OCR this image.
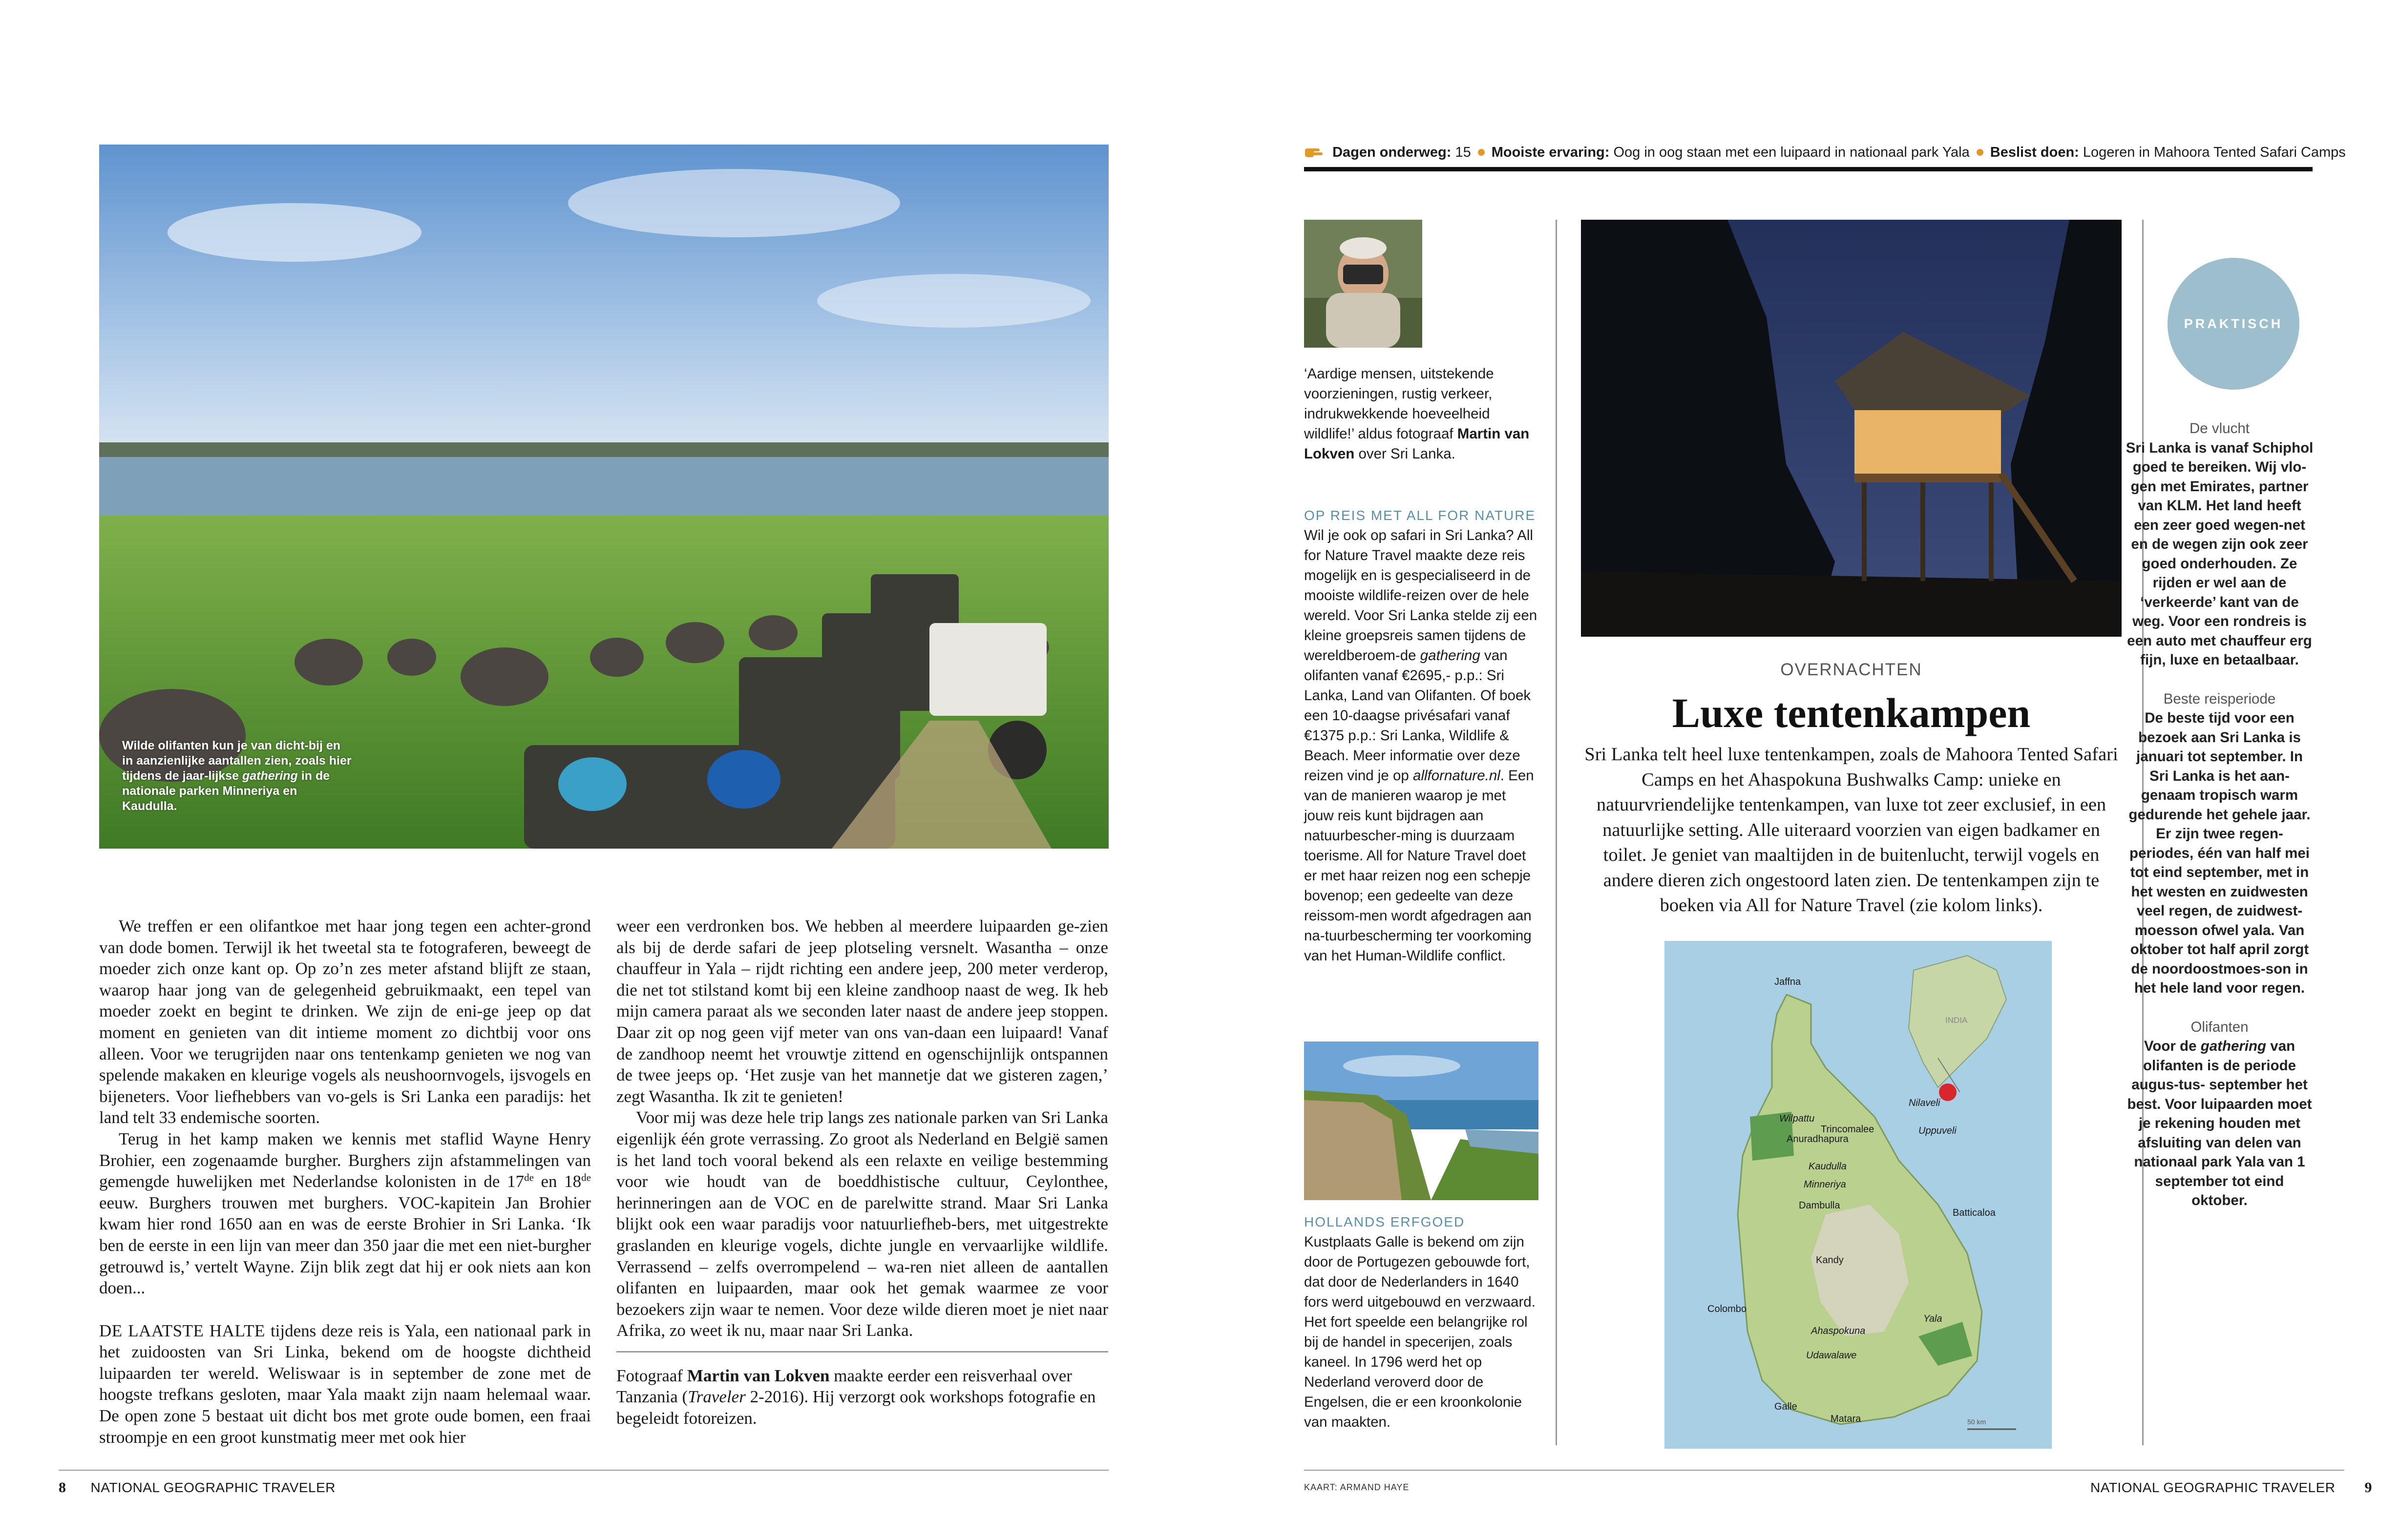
Wilde olifanten kun je van dicht-bij en in aanzienlijke aantallen zien, zoals hier tijdens de jaar-lijkse gathering in de nationale parken Minneriya en Kaudulla.

We treffen er een olifantkoe met haar jong tegen een achter-grond van dode bomen. Terwijl ik het tweetal sta te fotograferen, beweegt de moeder zich onze kant op. Op zo’n zes meter afstand blijft ze staan, waarop haar jong van de gelegenheid gebruikmaakt, een tepel van moeder zoekt en begint te drinken. We zijn de eni-ge jeep op dat moment en genieten van dit intieme moment zo dichtbij voor ons alleen. Voor we terugrijden naar ons tentenkamp genieten we nog van spelende makaken en kleurige vogels als neushoornvogels, ijsvogels en bijeneters. Voor liefhebbers van vo-gels is Sri Lanka een paradijs: het land telt 33 endemische soorten.

Terug in het kamp maken we kennis met staflid Wayne Henry Brohier, een zogenaamde burgher. Burghers zijn afstammelingen van gemengde huwelijken met Nederlandse kolonisten in de 17de en 18de eeuw. Burghers trouwen met burghers. VOC-kapitein Jan Brohier kwam hier rond 1650 aan en was de eerste Brohier in Sri Lanka. ‘Ik ben de eerste in een lijn van meer dan 350 jaar die met een niet-burgher getrouwd is,’ vertelt Wayne. Zijn blik zegt dat hij er ook niets aan kon doen...

DE LAATSTE HALTE tijdens deze reis is Yala, een nationaal park in het zuidoosten van Sri Linka, bekend om de hoogste dichtheid luipaarden ter wereld. Weliswaar is in september de zone met de hoogste trefkans gesloten, maar Yala maakt zijn naam helemaal waar. De open zone 5 bestaat uit dicht bos met grote oude bomen, een fraai stroompje en een groot kunstmatig meer met ook hier

weer een verdronken bos. We hebben al meerdere luipaarden ge-zien als bij de derde safari de jeep plotseling versnelt. Wasantha – onze chauffeur in Yala – rijdt richting een andere jeep, 200 meter verderop, die net tot stilstand komt bij een kleine zandhoop naast de weg. Ik heb mijn camera paraat als we seconden later naast de andere jeep stoppen. Daar zit op nog geen vijf meter van ons van-daan een luipaard! Vanaf de zandhoop neemt het vrouwtje zittend en ogenschijnlijk ontspannen de twee jeeps op. ‘Het zusje van het mannetje dat we gisteren zagen,’ zegt Wasantha. Ik zit te genieten!

Voor mij was deze hele trip langs zes nationale parken van Sri Lanka eigenlijk één grote verrassing. Zo groot als Nederland en België samen is het land toch vooral bekend als een relaxte en veilige bestemming voor wie houdt van de boeddhistische cultuur, Ceylonthee, herinneringen aan de VOC en de parelwitte strand. Maar Sri Lanka blijkt ook een waar paradijs voor natuurliefheb-bers, met uitgestrekte graslanden en kleurige vogels, dichte jungle en vervaarlijke wildlife. Verrassend – zelfs overrompelend – wa-ren niet alleen de aantallen olifanten en luipaarden, maar ook het gemak waarmee ze voor bezoekers zijn waar te nemen. Voor deze wilde dieren moet je niet naar Afrika, zo weet ik nu, maar naar Sri Lanka.

Fotograaf Martin van Lokven maakte eerder een reisverhaal over Tanzania (Traveler 2-2016). Hij verzorgt ook workshops fotografie en begeleidt fotoreizen.

8 NATIONAL GEOGRAPHIC TRAVELER
Dagen onderweg: 15 Mooiste ervaring: Oog in oog staan met een luipaard in nationaal park Yala Beslist doen: Logeren in Mahoora Tented Safari Camps
‘Aardige mensen, uitstekende voorzieningen, rustig verkeer, indrukwekkende hoeveelheid wildlife!’ aldus fotograaf Martin van Lokven over Sri Lanka.
OP REIS MET ALL FOR NATURE
Wil je ook op safari in Sri Lanka? All for Nature Travel maakte deze reis mogelijk en is gespecialiseerd in de mooiste wildlife-reizen over de hele wereld. Voor Sri Lanka stelde zij een kleine groepsreis samen tijdens de wereldberoem-de gathering van olifanten vanaf €2695,- p.p.: Sri Lanka, Land van Olifanten. Of boek een 10-daagse privésafari vanaf €1375 p.p.: Sri Lanka, Wildlife & Beach. Meer informatie over deze reizen vind je op allfornature.nl. Een van de manieren waarop je met jouw reis kunt bijdragen aan natuurbescher-ming is duurzaam toerisme. All for Nature Travel doet er met haar reizen nog een schepje bovenop; een gedeelte van deze reissom-men wordt afgedragen aan na-tuurbescherming ter voorkoming van het Human-Wildlife conflict.
HOLLANDS ERFGOED
Kustplaats Galle is bekend om zijn door de Portugezen gebouwde fort, dat door de Nederlanders in 1640 fors werd uitgebouwd en verzwaard. Het fort speelde een belangrijke rol bij de handel in specerijen, zoals kaneel. In 1796 werd het op Nederland veroverd door de Engelsen, die er een kroonkolonie van maakten.
OVERNACHTEN
Luxe tentenkampen
Sri Lanka telt heel luxe tentenkampen, zoals de Mahoora Tented Safari Camps en het Ahaspokuna Bushwalks Camp: unieke en natuurvriendelijke tentenkampen, van luxe tot zeer exclusief, in een natuurlijke setting. Alle uiteraard voorzien van eigen badkamer en toilet. Je geniet van maaltijden in de buitenlucht, terwijl vogels en andere dieren zich ongestoord laten zien. De tentenkampen zijn te boeken via All for Nature Travel (zie kolom links).
INDIA
Jaffna
Nilaveli
Uppuveli
Trincomalee
Wilpattu
Anuradhapura
Kaudulla
Minneriya
Dambulla
Batticaloa
Kandy
Colombo
Ahaspokuna
Yala
Udawalawe
Galle
Matara	50 km
PRAKTISCH
De vlucht
Sri Lanka is vanaf Schiphol goed te bereiken. Wij vlo-gen met Emirates, partner van KLM. Het land heeft een zeer goed wegen-net en de wegen zijn ook zeer goed onderhouden. Ze rijden er wel aan de ‘verkeerde’ kant van de weg. Voor een rondreis is een auto met chauffeur erg fijn, luxe en betaalbaar.
Beste reisperiode
De beste tijd voor een bezoek aan Sri Lanka is januari tot september. In Sri Lanka is het aan-genaam tropisch warm gedurende het gehele jaar. Er zijn twee regen-periodes, één van half mei tot eind september, met in het westen en zuidwesten veel regen, de zuidwest-moesson ofwel yala. Van oktober tot half april zorgt de noordoostmoes-son in het hele land voor regen.
Olifanten
Voor de gathering van olifanten is de periode augus-tus- september het best. Voor luipaarden moet je rekening houden met afsluiting van delen van nationaal park Yala van 1 september tot eind oktober.
KAART: ARMAND HAYE	NATIONAL GEOGRAPHIC TRAVELER 9
